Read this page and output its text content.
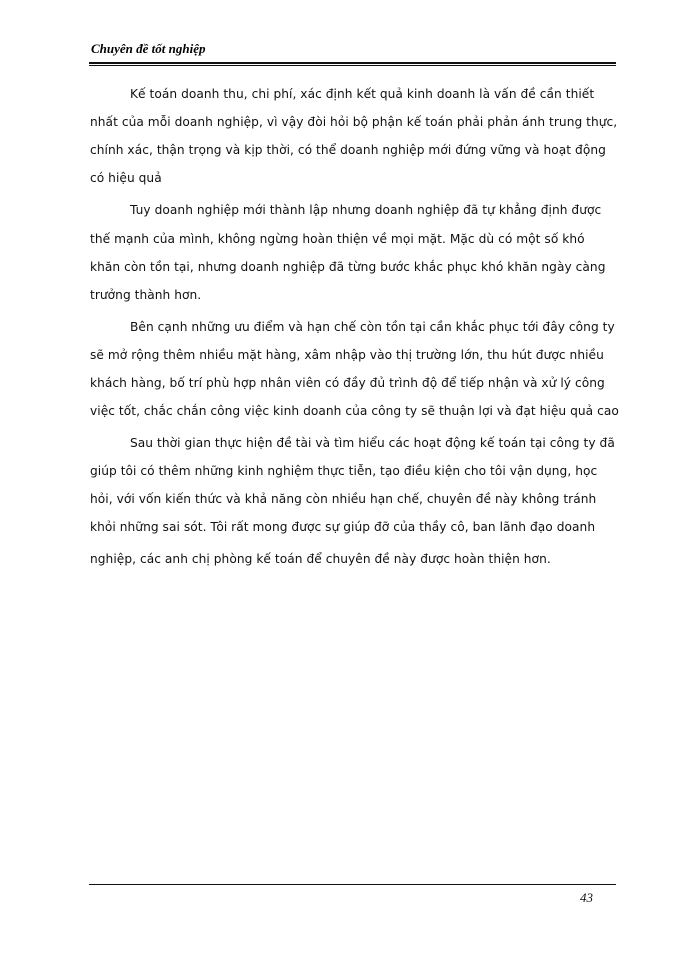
Chuyên đề tốt nghiệp
Kế toán doanh thu, chi phí, xác định kết quả kinh doanh là vấn đề cần thiết
nhất của mỗi doanh nghiệp, vì vậy đòi hỏi bộ phận kế toán phải phản ánh trung thực,
chính xác, thận trọng và kịp thời, có thể doanh nghiệp mới đứng vững và hoạt động
có hiệu quả
Tuy doanh nghiệp mới thành lập nhưng doanh nghiệp đã tự khẳng định được
thế mạnh của mình, không ngừng hoàn thiện về mọi mặt. Mặc dù có một số khó
khăn còn tồn tại, nhưng doanh nghiệp đã từng bước khắc phục khó khăn ngày càng
trưởng thành hơn.
Bên cạnh những ưu điểm và hạn chế còn tồn tại cần khắc phục tới đây công ty
sẽ mở rộng thêm nhiều mặt hàng, xâm nhập vào thị trường lớn, thu hút được nhiều
khách hàng, bố trí phù hợp nhân viên có đầy đủ trình độ để tiếp nhận và xử lý công
việc tốt, chắc chắn công việc kinh doanh của công ty sẽ thuận lợi và đạt hiệu quả cao
Sau thời gian thực hiện đề tài và tìm hiểu các hoạt động kế toán tại công ty đã
giúp tôi có thêm những kinh nghiệm thực tiễn, tạo điều kiện cho tôi vận dụng, học
hỏi, với vốn kiến thức và khả năng còn nhiều hạn chế, chuyên đề này không tránh
khỏi những sai sót. Tôi rất mong được sự giúp đỡ của thầy cô, ban lãnh đạo doanh
nghiệp, các anh chị phòng kế toán để chuyên đề này được hoàn thiện hơn.
43
